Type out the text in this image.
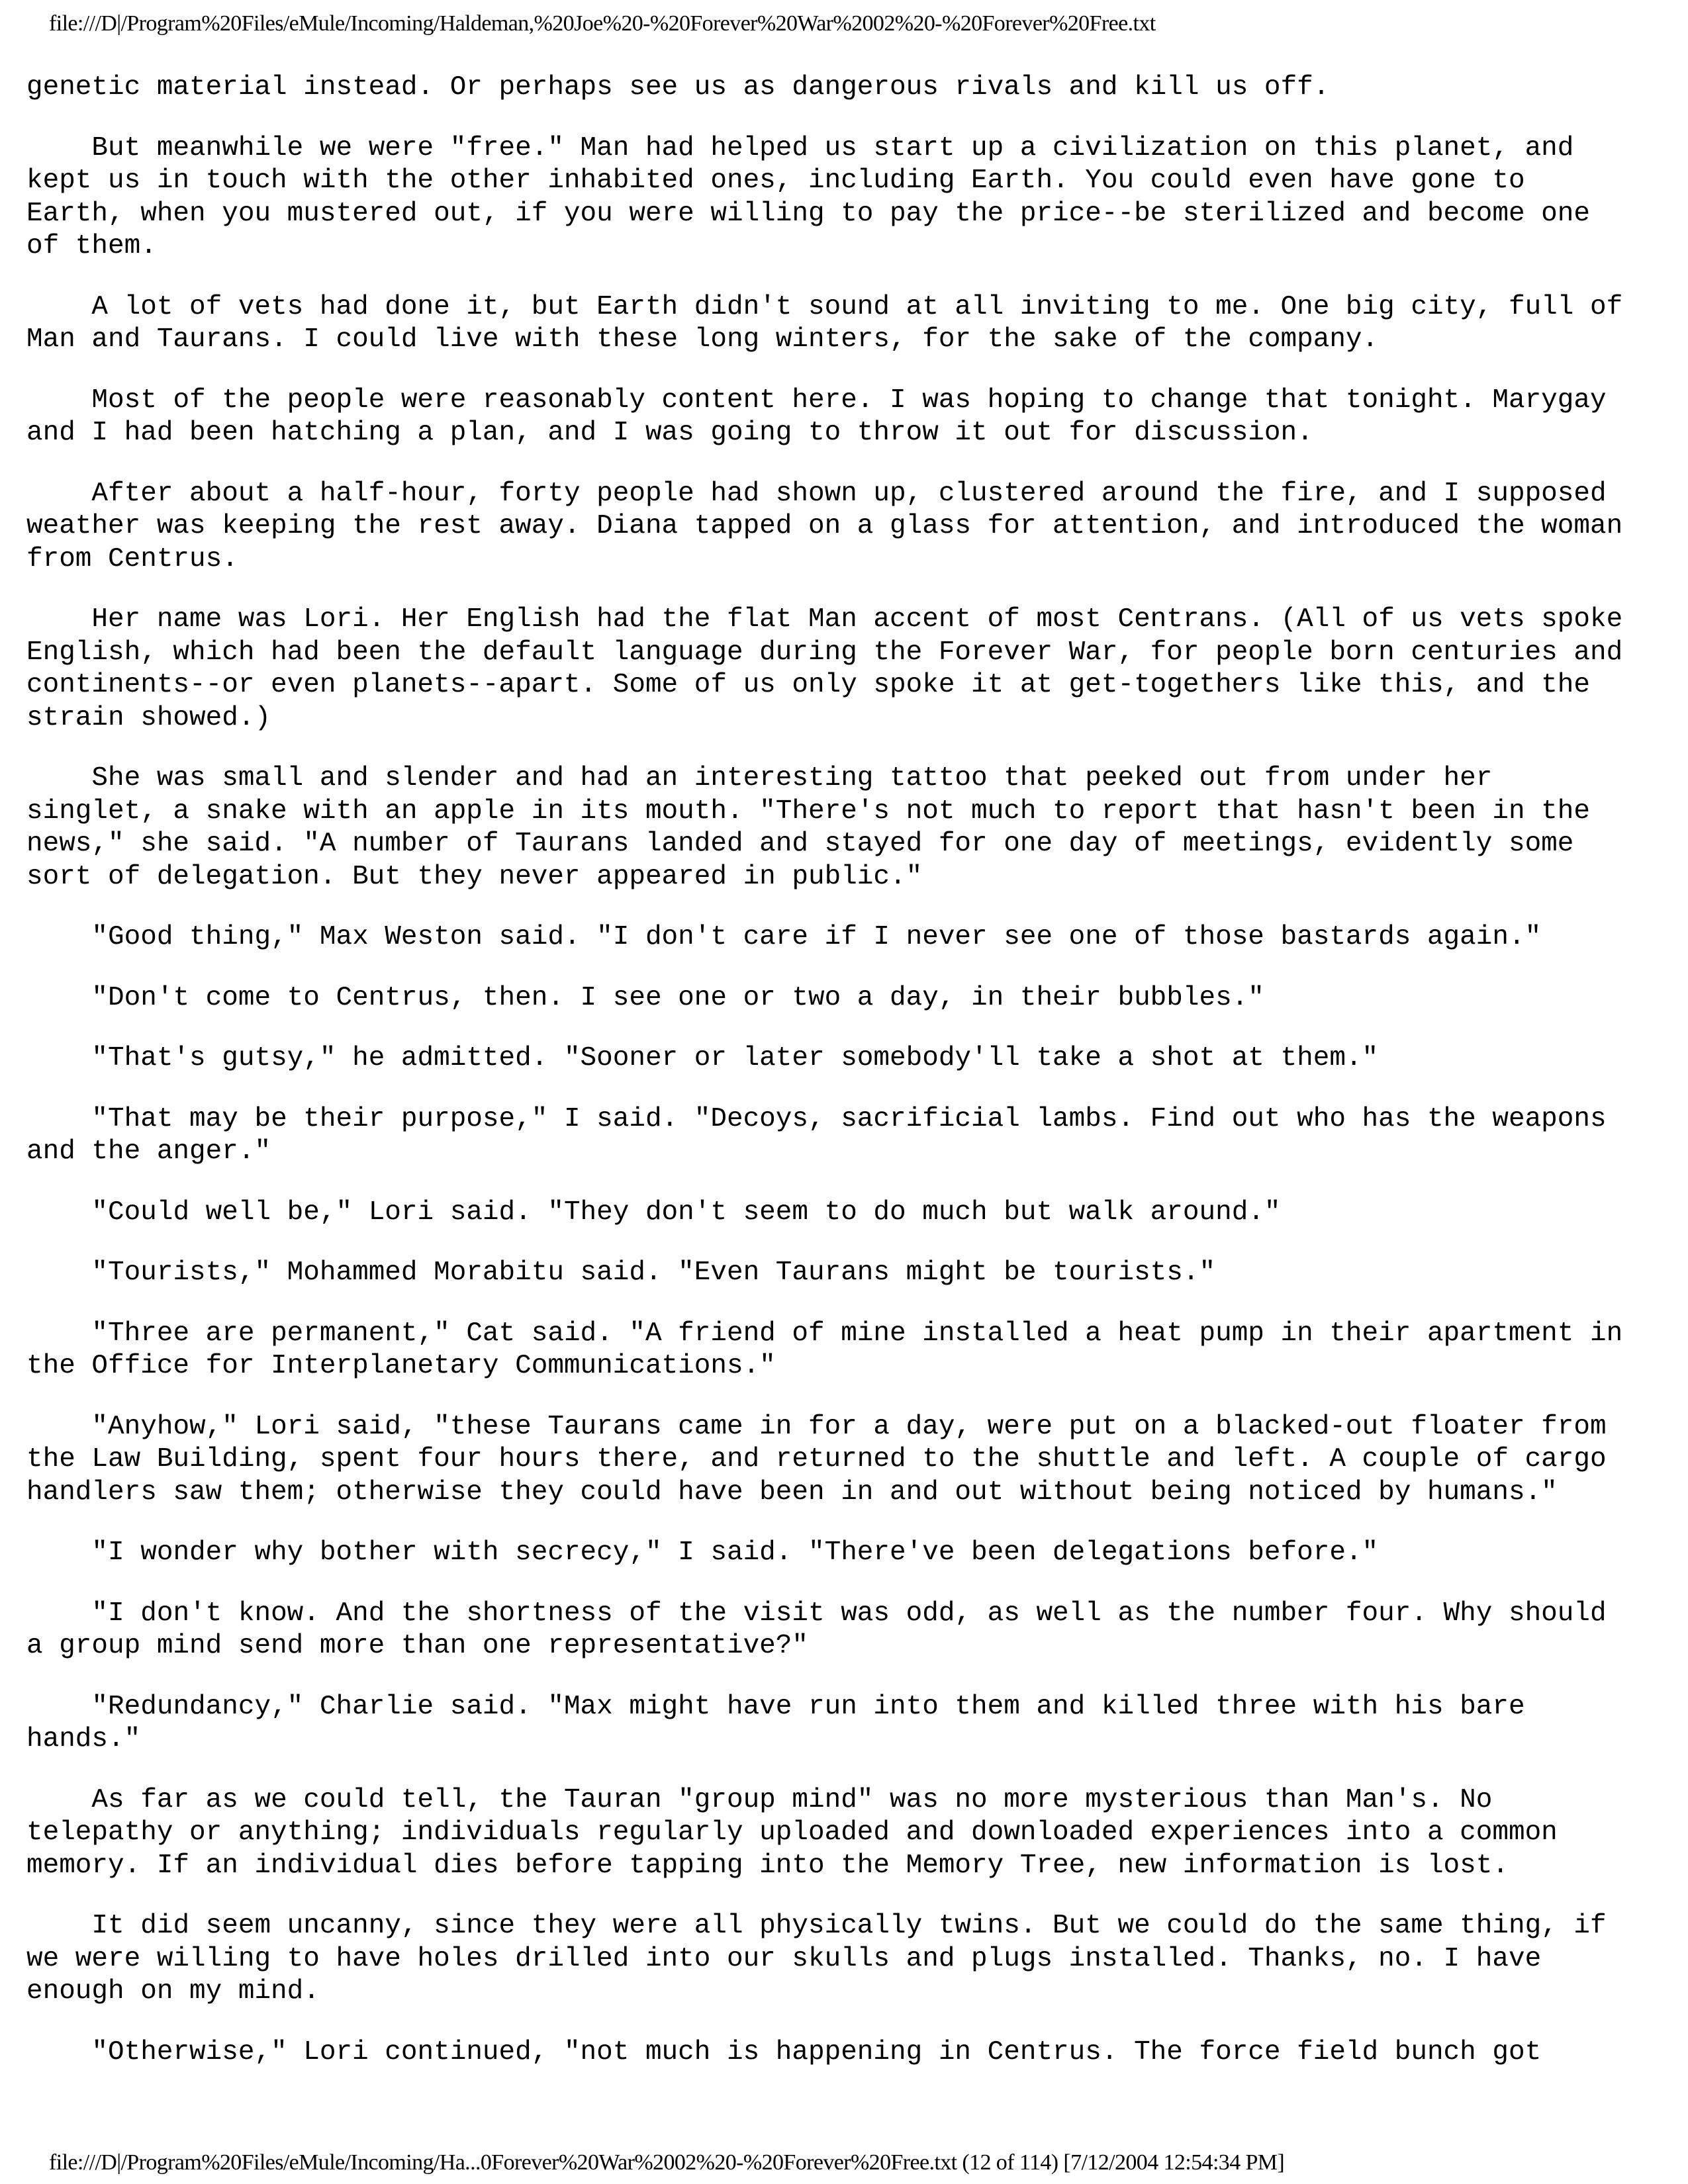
file:///D|/Program%20Files/eMule/Incoming/Haldeman,%20Joe%20-%20Forever%20War%2002%20-%20Forever%20Free.txt

genetic material instead. Or perhaps see us as dangerous rivals and kill us off.

But meanwhile we were "free." Man had helped us start up a civilization on this planet, and
kept us in touch with the other inhabited ones, including Earth. You could even have gone to
Earth, when you mustered out, if you were willing to pay the price--be sterilized and become one
of them.

A lot of vets had done it, but Earth didn't sound at all inviting to me. One big city, full of
Man and Taurans. I could live with these long winters, for the sake of the company.

Most of the people were reasonably content here. I was hoping to change that tonight. Marygay
and I had been hatching a plan, and I was going to throw it out for discussion.

After about a half-hour, forty people had shown up, clustered around the fire, and I supposed
weather was keeping the rest away. Diana tapped on a glass for attention, and introduced the woman
from Centrus.

Her name was Lori. Her English had the flat Man accent of most Centrans. (All of us vets spoke
English, which had been the default language during the Forever War, for people born centuries and
continents--or even planets--apart. Some of us only spoke it at get-togethers like this, and the
strain showed.)

She was small and slender and had an interesting tattoo that peeked out from under her
singlet, a snake with an apple in its mouth. "There's not much to report that hasn't been in the
news," she said. "A number of Taurans landed and stayed for one day of meetings, evidently some
sort of delegation. But they never appeared in public."

"Good thing," Max Weston said. "I don't care if I never see one of those bastards again."

"Don't come to Centrus, then. I see one or two a day, in their bubbles."

"That's gutsy," he admitted. "Sooner or later somebody'll take a shot at them."

"That may be their purpose," I said. "Decoys, sacrificial lambs. Find out who has the weapons
and the anger."

"Could well be," Lori said. "They don't seem to do much but walk around."

"Tourists," Mohammed Morabitu said. "Even Taurans might be tourists."

"Three are permanent," Cat said. "A friend of mine installed a heat pump in their apartment in
the Office for Interplanetary Communications."

"Anyhow," Lori said, "these Taurans came in for a day, were put on a blacked-out floater from
the Law Building, spent four hours there, and returned to the shuttle and left. A couple of cargo
handlers saw them; otherwise they could have been in and out without being noticed by humans."

"I wonder why bother with secrecy," I said. "There've been delegations before."

"I don't know. And the shortness of the visit was odd, as well as the number four. Why should
a group mind send more than one representative?"

"Redundancy," Charlie said. "Max might have run into them and killed three with his bare
hands."

As far as we could tell, the Tauran "group mind" was no more mysterious than Man's. No
telepathy or anything; individuals regularly uploaded and downloaded experiences into a common
memory. If an individual dies before tapping into the Memory Tree, new information is lost.

It did seem uncanny, since they were all physically twins. But we could do the same thing, if
we were willing to have holes drilled into our skulls and plugs installed. Thanks, no. I have
enough on my mind.

"Otherwise," Lori continued, "not much is happening in Centrus. The force field bunch got

file:///D|/Program%20Files/eMule/Incoming/Ha...0Forever%20War%2002%20-%20Forever%20Free.txt (12 of 114) [7/12/2004 12:54:34 PM]
